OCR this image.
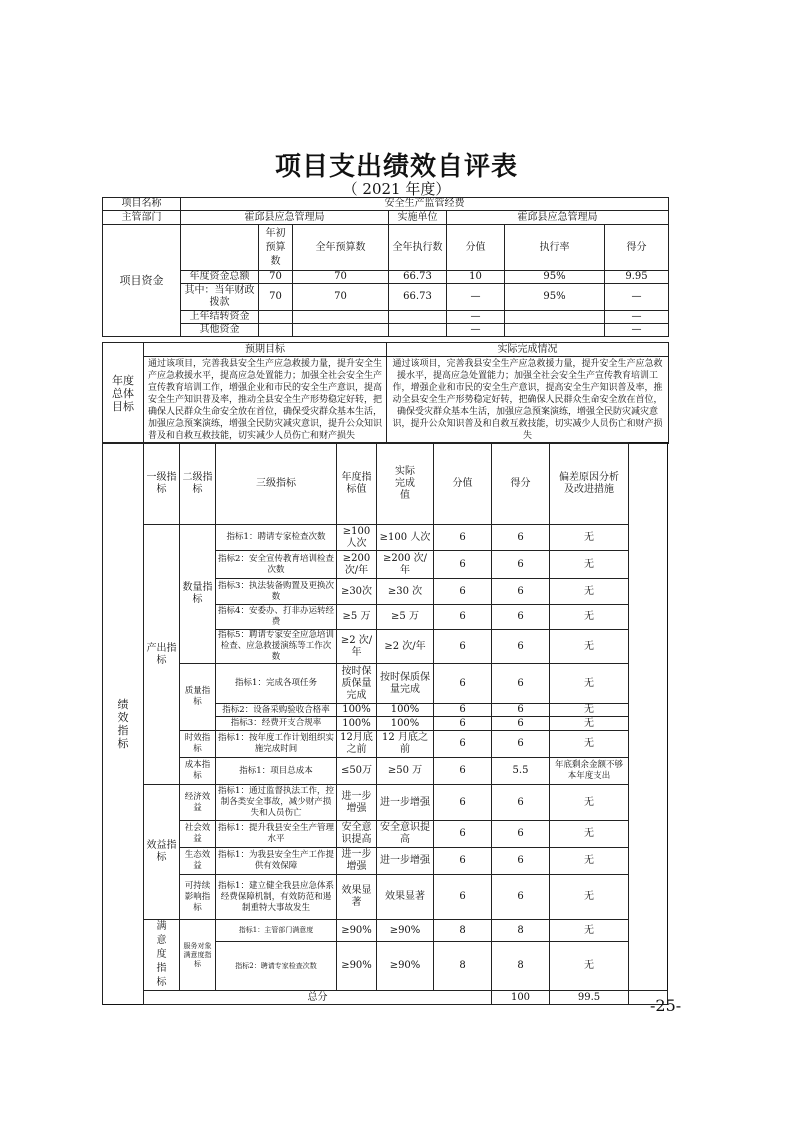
项目支出绩效自评表
（ 2021 年度）
项目名称	安全生产监管经费						
主管部门	霍邱县应急管理局			实施单位	霍邱县应急管理局		
项目资金		年初预算数	全年预算数	全年执行数	分值	执行率	得分
	年度资金总额	70	70	66.73	10	95%	9.95
	其中：当年财政拨款	70	70	66.73	—	95%	—
	上年结转资金				—		—
	其他资金				—		—
年度总体目标	预期目标	实际完成情况
	通过该项目，完善我县安全生产应急救援力量，提升安全生产应急救援水平，提高应急处置能力；加强全社会安全生产宣传教育培训工作，增强企业和市民的安全生产意识，提高安全生产知识普及率，推动全县安全生产形势稳定好转，把确保人民群众生命安全放在首位，确保受灾群众基本生活，加强应急预案演练，增强全民防灾减灾意识，提升公众知识普及和自救互救技能，切实减少人员伤亡和财产损失	通过该项目，完善我县安全生产应急救援力量，提升安全生产应急救援水平，提高应急处置能力；加强全社会安全生产宣传教育培训工作，增强企业和市民的安全生产意识，提高安全生产知识普及率，推动全县安全生产形势稳定好转，把确保人民群众生命安全放在首位，确保受灾群众基本生活，加强应急预案演练，增强全民防灾减灾意识，提升公众知识普及和自救互救技能，切实减少人员伤亡和财产损失
绩效指标	一级指标	二级指标	三级指标	年度指标值	实际完成值	分值	得分	偏差原因分析及改进措施	
	产出指标	数量指标	指标1：聘请专家检查次数	≥100人次	≥100 人次	6	6	无	
			指标2：安全宣传教育培训检查次数	≥200次/年	≥200 次/年	6	6	无	
			指标3：执法装备购置及更换次数	≥30次	≥30 次	6	6	无	
			指标4：安委办、打非办运转经费	≥5 万	≥5 万	6	6	无	
			指标5：聘请专家安全应急培训检查、应急救援演练等工作次数	≥2 次/年	≥2 次/年	6	6	无	
		质量指标	指标1：完成各项任务	按时保质保量完成	按时保质保量完成	6	6	无	
			指标2：设备采购验收合格率	100%	100%	6	6	无	
			指标3：经费开支合规率	100%	100%	6	6	无	
		时效指标	指标1：按年度工作计划组织实施完成时间	12月底之前	12 月底之前	6	6	无	
		成本指标	指标1：项目总成本	≤50万	≥50 万	6	5.5	年底剩余金额不够本年度支出	
	效益指标	经济效益	指标1：通过监督执法工作，控制各类安全事故，减少财产损失和人员伤亡	进一步增强	进一步增强	6	6	无	
		社会效益	指标1：提升我县安全生产管理水平	安全意识提高	安全意识提高	6	6	无	
		生态效益	指标1：为我县安全生产工作提供有效保障	进一步增强	进一步增强	6	6	无	
		可持续影响指标	指标1：建立健全我县应急体系经费保障机制，有效防范和遏制重特大事故发生	效果显著	效果显著	6	6	无	
	满意度指标	服务对象满意度指标	指标1：主管部门满意度	≥90%	≥90%	8	8	无	
			指标2：聘请专家检查次数	≥90%	≥90%	8	8	无	
	总分						100	99.5		-25-
